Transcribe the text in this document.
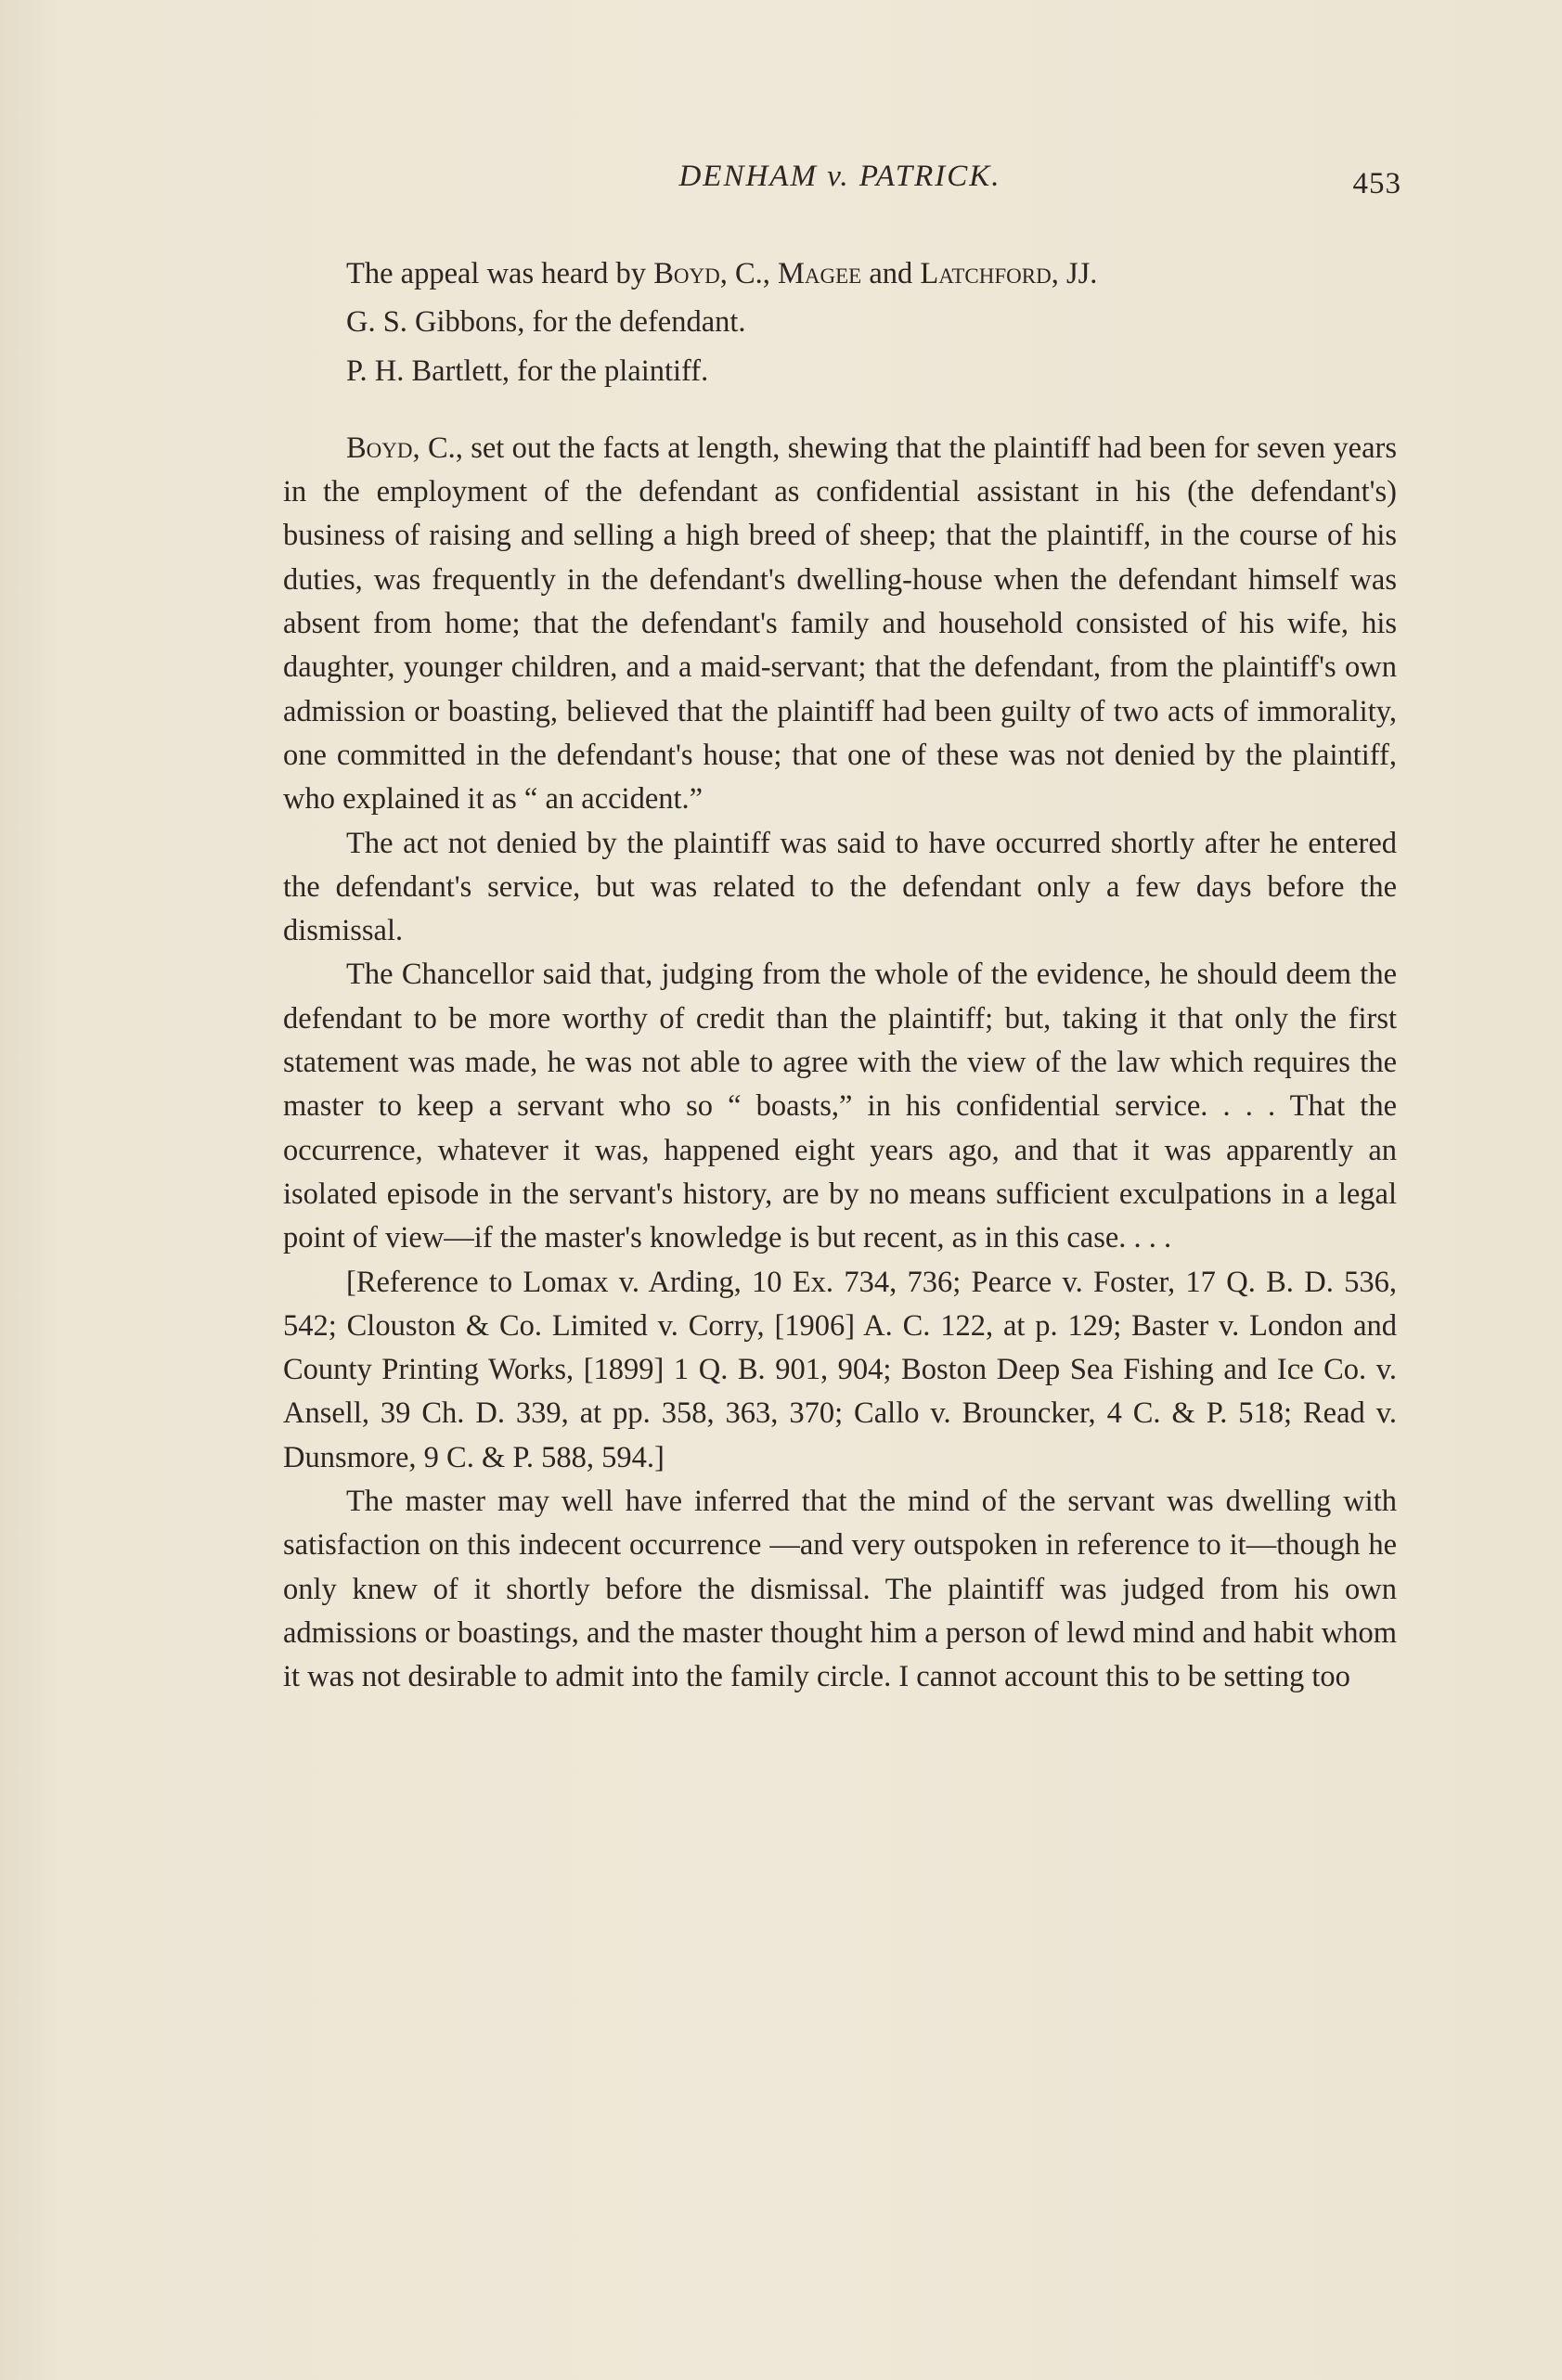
DENHAM v. PATRICK.	453

The appeal was heard by Boyd, C., Magee and Latchford, JJ.

G. S. Gibbons, for the defendant.

P. H. Bartlett, for the plaintiff.

Boyd, C., set out the facts at length, shewing that the plaintiff had been for seven years in the employment of the defendant as confidential assistant in his (the defendant's) business of raising and selling a high breed of sheep; that the plaintiff, in the course of his duties, was frequently in the defendant's dwelling-house when the defendant himself was absent from home; that the defendant's family and household consisted of his wife, his daughter, younger children, and a maid-servant; that the defendant, from the plaintiff's own admission or boasting, believed that the plaintiff had been guilty of two acts of immorality, one committed in the defendant's house; that one of these was not denied by the plaintiff, who explained it as “ an accident.”

The act not denied by the plaintiff was said to have occurred shortly after he entered the defendant's service, but was related to the defendant only a few days before the dismissal.

The Chancellor said that, judging from the whole of the evidence, he should deem the defendant to be more worthy of credit than the plaintiff; but, taking it that only the first statement was made, he was not able to agree with the view of the law which requires the master to keep a servant who so “ boasts,” in his confidential service. . . . That the occurrence, whatever it was, happened eight years ago, and that it was apparently an isolated episode in the servant's history, are by no means sufficient exculpations in a legal point of view—if the master's knowledge is but recent, as in this case. . . .

[Reference to Lomax v. Arding, 10 Ex. 734, 736; Pearce v. Foster, 17 Q. B. D. 536, 542; Clouston & Co. Limited v. Corry, [1906] A. C. 122, at p. 129; Baster v. London and County Printing Works, [1899] 1 Q. B. 901, 904; Boston Deep Sea Fishing and Ice Co. v. Ansell, 39 Ch. D. 339, at pp. 358, 363, 370; Callo v. Brouncker, 4 C. & P. 518; Read v. Dunsmore, 9 C. & P. 588, 594.]

The master may well have inferred that the mind of the servant was dwelling with satisfaction on this indecent occurrence —and very outspoken in reference to it—though he only knew of it shortly before the dismissal. The plaintiff was judged from his own admissions or boastings, and the master thought him a person of lewd mind and habit whom it was not desirable to admit into the family circle. I cannot account this to be setting too
